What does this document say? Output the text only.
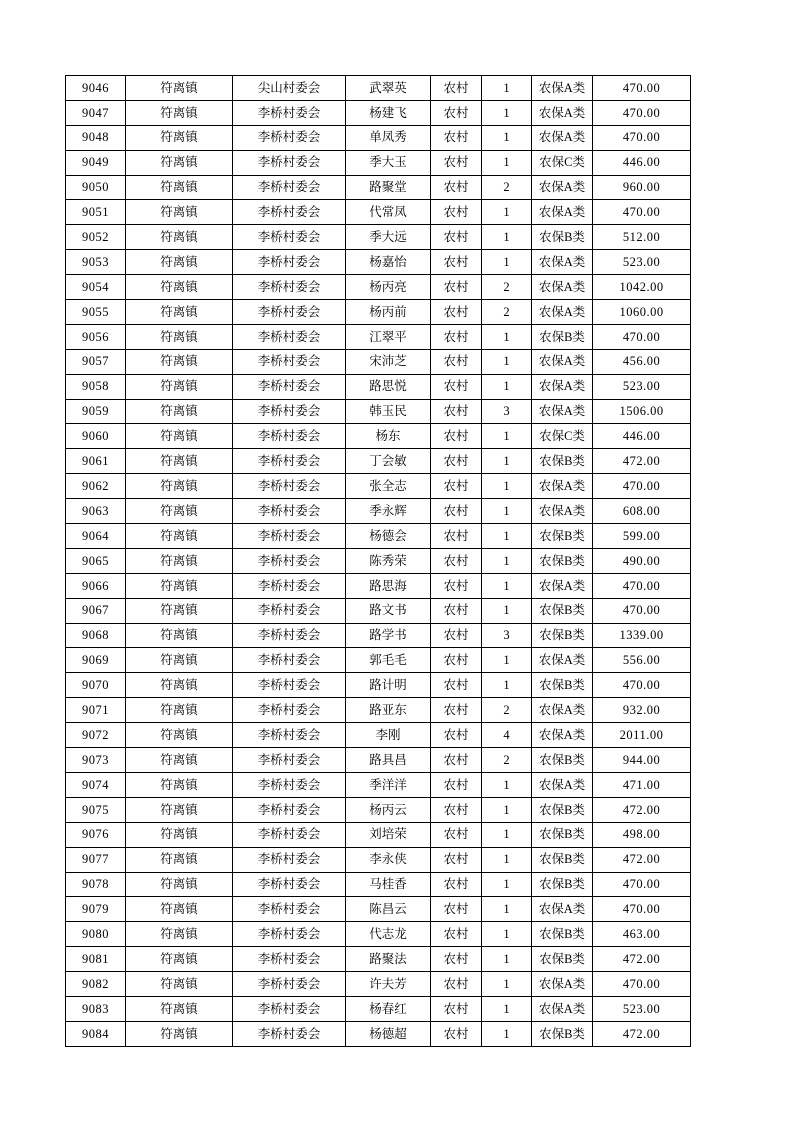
9046	符离镇	尖山村委会	武翠英	农村	1	农保A类	470.00
9047	符离镇	李桥村委会	杨建飞	农村	1	农保A类	470.00
9048	符离镇	李桥村委会	单凤秀	农村	1	农保A类	470.00
9049	符离镇	李桥村委会	季大玉	农村	1	农保C类	446.00
9050	符离镇	李桥村委会	路聚堂	农村	2	农保A类	960.00
9051	符离镇	李桥村委会	代常凤	农村	1	农保A类	470.00
9052	符离镇	李桥村委会	季大远	农村	1	农保B类	512.00
9053	符离镇	李桥村委会	杨嘉怡	农村	1	农保A类	523.00
9054	符离镇	李桥村委会	杨丙亮	农村	2	农保A类	1042.00
9055	符离镇	李桥村委会	杨丙前	农村	2	农保A类	1060.00
9056	符离镇	李桥村委会	江翠平	农村	1	农保B类	470.00
9057	符离镇	李桥村委会	宋沛芝	农村	1	农保A类	456.00
9058	符离镇	李桥村委会	路思悦	农村	1	农保A类	523.00
9059	符离镇	李桥村委会	韩玉民	农村	3	农保A类	1506.00
9060	符离镇	李桥村委会	杨东	农村	1	农保C类	446.00
9061	符离镇	李桥村委会	丁会敏	农村	1	农保B类	472.00
9062	符离镇	李桥村委会	张全志	农村	1	农保A类	470.00
9063	符离镇	李桥村委会	季永辉	农村	1	农保A类	608.00
9064	符离镇	李桥村委会	杨德会	农村	1	农保B类	599.00
9065	符离镇	李桥村委会	陈秀荣	农村	1	农保B类	490.00
9066	符离镇	李桥村委会	路思海	农村	1	农保A类	470.00
9067	符离镇	李桥村委会	路文书	农村	1	农保B类	470.00
9068	符离镇	李桥村委会	路学书	农村	3	农保B类	1339.00
9069	符离镇	李桥村委会	郭毛毛	农村	1	农保A类	556.00
9070	符离镇	李桥村委会	路计明	农村	1	农保B类	470.00
9071	符离镇	李桥村委会	路亚东	农村	2	农保A类	932.00
9072	符离镇	李桥村委会	李刚	农村	4	农保A类	2011.00
9073	符离镇	李桥村委会	路具昌	农村	2	农保B类	944.00
9074	符离镇	李桥村委会	季洋洋	农村	1	农保A类	471.00
9075	符离镇	李桥村委会	杨丙云	农村	1	农保B类	472.00
9076	符离镇	李桥村委会	刘培荣	农村	1	农保B类	498.00
9077	符离镇	李桥村委会	李永侠	农村	1	农保B类	472.00
9078	符离镇	李桥村委会	马桂香	农村	1	农保B类	470.00
9079	符离镇	李桥村委会	陈昌云	农村	1	农保A类	470.00
9080	符离镇	李桥村委会	代志龙	农村	1	农保B类	463.00
9081	符离镇	李桥村委会	路聚法	农村	1	农保B类	472.00
9082	符离镇	李桥村委会	许夫芳	农村	1	农保A类	470.00
9083	符离镇	李桥村委会	杨春红	农村	1	农保A类	523.00
9084	符离镇	李桥村委会	杨德超	农村	1	农保B类	472.00
